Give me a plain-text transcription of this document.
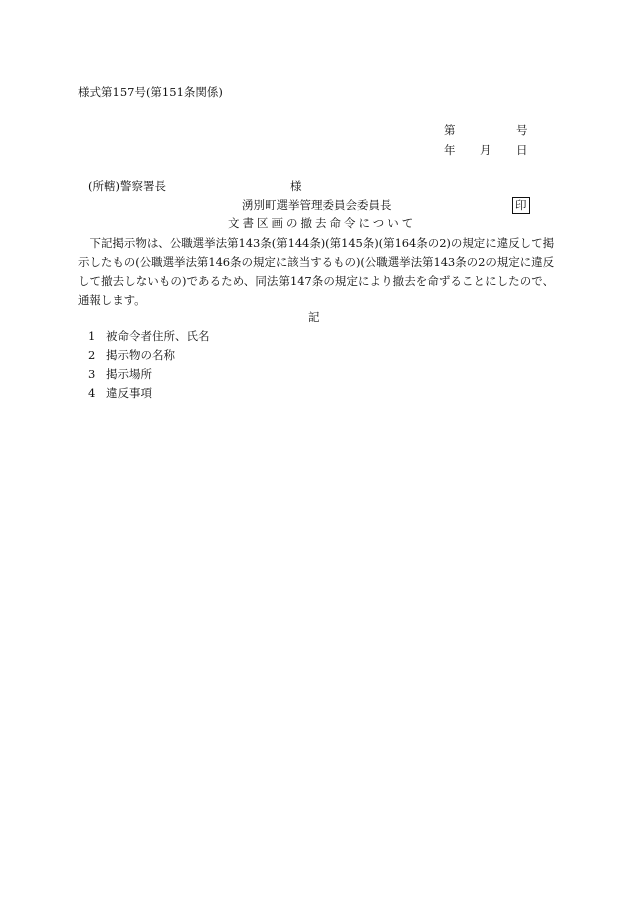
様式第157号(第151条関係)
第	号
年 月 日
(所轄)警察署長	様
湧別町選挙管理委員会委員長	印
文書区画の撤去命令について
下記掲示物は、公職選挙法第143条(第144条)(第145条)(第164条の2)の規定に違反して掲示したもの(公職選挙法第146条の規定に該当するもの)(公職選挙法第143条の2の規定に違反して撤去しないもの)であるため、同法第147条の規定により撤去を命ずることにしたので、通報します。
記
1 被命令者住所、氏名
2 掲示物の名称
3 掲示場所
4 違反事項
